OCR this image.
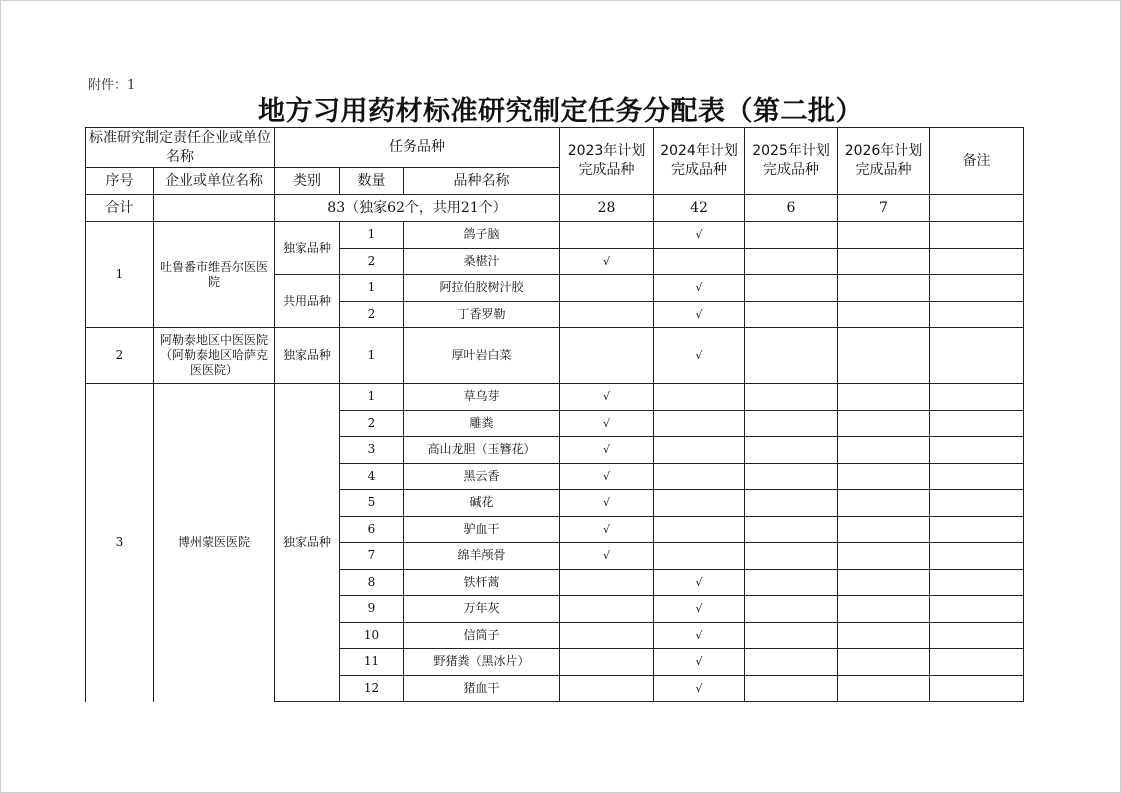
附件：1
地方习用药材标准研究制定任务分配表（第二批）
标准研究制定责任企业或单位名称		任务品种			2023年计划完成品种	2024年计划完成品种	2025年计划完成品种	2026年计划完成品种	备注
序号	企业或单位名称	类别	数量	品种名称					
合计		83（独家62个，共用21个）			28	42	6	7	
1	吐鲁番市维吾尔医医院	独家品种	1	鸽子脑		√			
			2	桑椹汁	√				
		共用品种	1	阿拉伯胶树汁胶		√			
			2	丁香罗勒		√			
2	阿勒泰地区中医医院（阿勒泰地区哈萨克医医院）	独家品种	1	厚叶岩白菜		√			
3	博州蒙医医院	独家品种	1	草乌芽	√				
			2	雕粪	√				
			3	高山龙胆（玉簪花）	√				
			4	黑云香	√				
			5	碱花	√				
			6	驴血干	√				
			7	绵羊颅骨	√				
			8	铁杆蒿		√			
			9	万年灰		√			
			10	信筒子		√			
			11	野猪粪（黑冰片）		√			
			12	猪血干		√			
